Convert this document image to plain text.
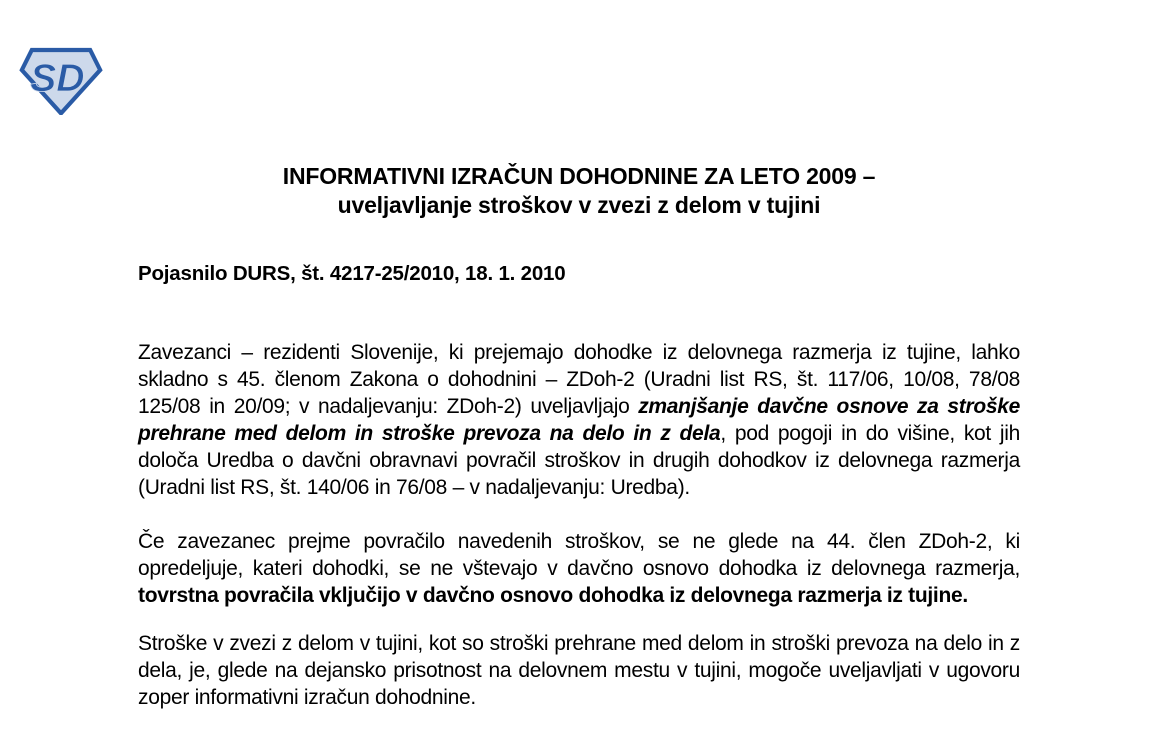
SD
INFORMATIVNI IZRAČUN DOHODNINE ZA LETO 2009 –
uveljavljanje stroškov v zvezi z delom v tujini
Pojasnilo DURS, št. 4217-25/2010, 18. 1. 2010

Zavezanci – rezidenti Slovenije, ki prejemajo dohodke iz delovnega razmerja iz tujine, lahko skladno s 45. členom Zakona o dohodnini – ZDoh-2 (Uradni list RS, št. 117/06, 10/08, 78/08 125/08 in 20/09; v nadaljevanju: ZDoh-2) uveljavljajo zmanjšanje davčne osnove za stroške prehrane med delom in stroške prevoza na delo in z dela, pod pogoji in do višine, kot jih določa Uredba o davčni obravnavi povračil stroškov in drugih dohodkov iz delovnega razmerja (Uradni list RS, št. 140/06 in 76/08 – v nadaljevanju: Uredba).

Če zavezanec prejme povračilo navedenih stroškov, se ne glede na 44. člen ZDoh-2, ki opredeljuje, kateri dohodki, se ne vštevajo v davčno osnovo dohodka iz delovnega razmerja, tovrstna povračila vključijo v davčno osnovo dohodka iz delovnega razmerja iz tujine.

Stroške v zvezi z delom v tujini, kot so stroški prehrane med delom in stroški prevoza na delo in z dela, je, glede na dejansko prisotnost na delovnem mestu v tujini, mogoče uveljavljati v ugovoru zoper informativni izračun dohodnine.
